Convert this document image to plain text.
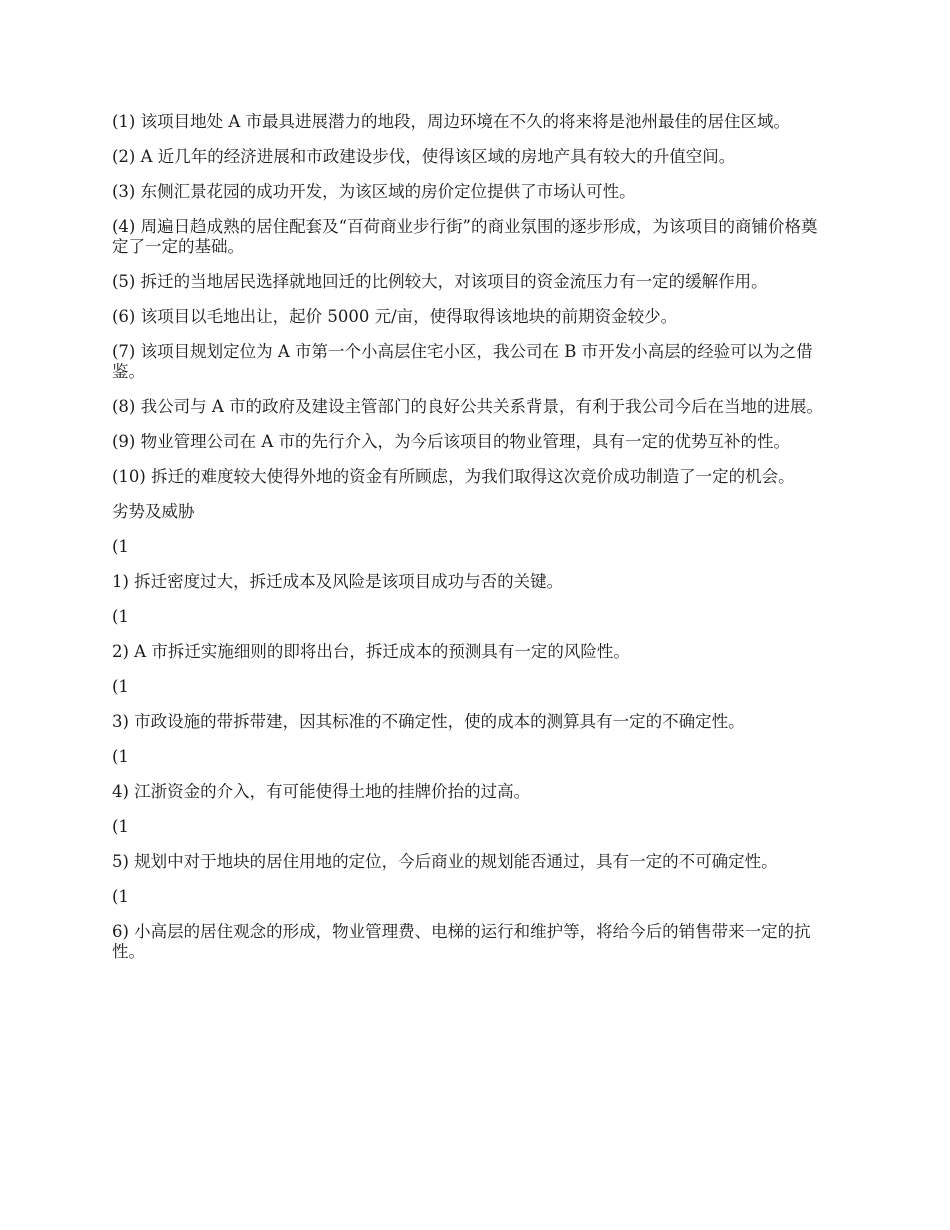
(1) 该项目地处 A 市最具进展潜力的地段，周边环境在不久的将来将是池州最佳的居住区域。

(2) A 近几年的经济进展和市政建设步伐，使得该区域的房地产具有较大的升值空间。

(3) 东侧汇景花园的成功开发，为该区域的房价定位提供了市场认可性。

(4) 周遍日趋成熟的居住配套及“百荷商业步行街”的商业氛围的逐步形成，为该项目的商铺价格奠定了一定的基础。

(5) 拆迁的当地居民选择就地回迁的比例较大，对该项目的资金流压力有一定的缓解作用。

(6) 该项目以毛地出让，起价 5000 元/亩，使得取得该地块的前期资金较少。

(7) 该项目规划定位为 A 市第一个小高层住宅小区，我公司在 B 市开发小高层的经验可以为之借鉴。

(8) 我公司与 A 市的政府及建设主管部门的良好公共关系背景，有利于我公司今后在当地的进展。

(9) 物业管理公司在 A 市的先行介入，为今后该项目的物业管理，具有一定的优势互补的性。

(10) 拆迁的难度较大使得外地的资金有所顾虑，为我们取得这次竞价成功制造了一定的机会。

劣势及威胁

(1

1) 拆迁密度过大，拆迁成本及风险是该项目成功与否的关键。

(1

2) A 市拆迁实施细则的即将出台，拆迁成本的预测具有一定的风险性。

(1

3) 市政设施的带拆带建，因其标准的不确定性，使的成本的测算具有一定的不确定性。

(1

4) 江浙资金的介入，有可能使得土地的挂牌价抬的过高。

(1

5) 规划中对于地块的居住用地的定位，今后商业的规划能否通过，具有一定的不可确定性。

(1

6) 小高层的居住观念的形成，物业管理费、电梯的运行和维护等，将给今后的销售带来一定的抗性。
